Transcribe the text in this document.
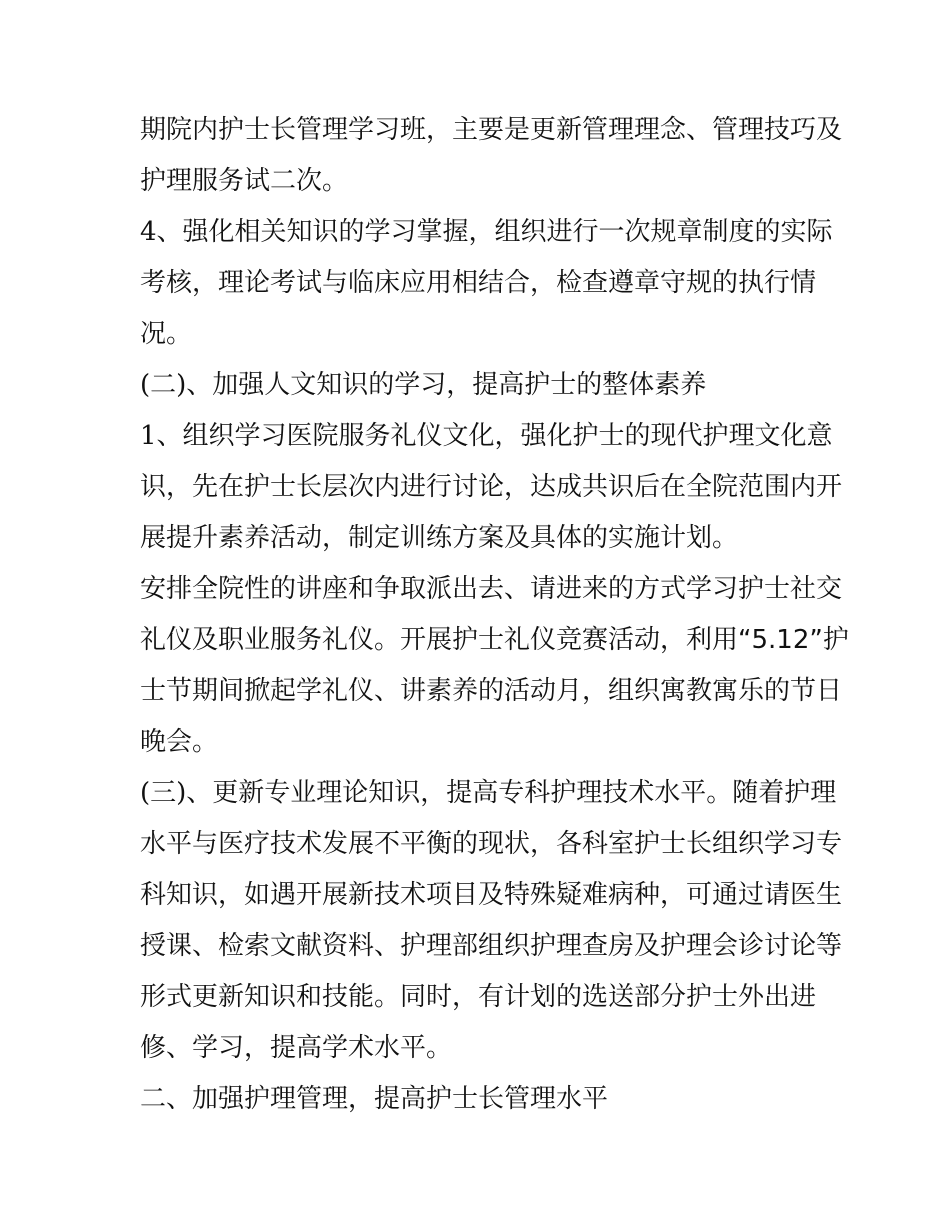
期院内护士长管理学习班，主要是更新管理理念、管理技巧及
护理服务试二次。
4、强化相关知识的学习掌握，组织进行一次规章制度的实际
考核，理论考试与临床应用相结合，检查遵章守规的执行情
况。
(二)、加强人文知识的学习，提高护士的整体素养
1、组织学习医院服务礼仪文化，强化护士的现代护理文化意
识，先在护士长层次内进行讨论，达成共识后在全院范围内开
展提升素养活动，制定训练方案及具体的实施计划。
安排全院性的讲座和争取派出去、请进来的方式学习护士社交
礼仪及职业服务礼仪。开展护士礼仪竞赛活动，利用“5.12”护
士节期间掀起学礼仪、讲素养的活动月，组织寓教寓乐的节日
晚会。
(三)、更新专业理论知识，提高专科护理技术水平。随着护理
水平与医疗技术发展不平衡的现状，各科室护士长组织学习专
科知识，如遇开展新技术项目及特殊疑难病种，可通过请医生
授课、检索文献资料、护理部组织护理查房及护理会诊讨论等
形式更新知识和技能。同时，有计划的选送部分护士外出进
修、学习，提高学术水平。
二、加强护理管理，提高护士长管理水平
